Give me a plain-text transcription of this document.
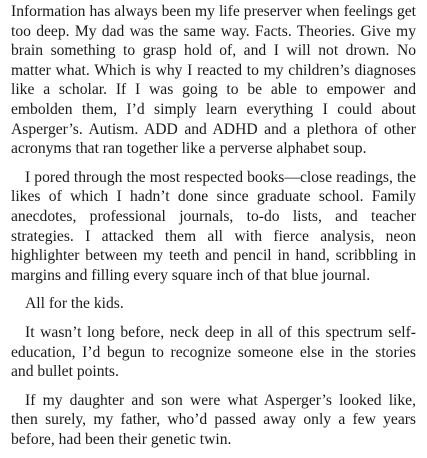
Information has always been my life preserver when feelings get too deep. My dad was the same way. Facts. Theories. Give my brain something to grasp hold of, and I will not drown. No matter what. Which is why I reacted to my children’s diagnoses like a scholar. If I was going to be able to empower and embolden them, I’d simply learn everything I could about Asperger’s. Autism. ADD and ADHD and a plethora of other acronyms that ran together like a perverse alphabet soup.

I pored through the most respected books—close readings, the likes of which I hadn’t done since graduate school. Family anecdotes, professional journals, to-do lists, and teacher strategies. I attacked them all with fierce analysis, neon highlighter between my teeth and pencil in hand, scribbling in margins and filling every square inch of that blue journal.

All for the kids.

It wasn’t long before, neck deep in all of this spectrum self-education, I’d begun to recognize someone else in the stories and bullet points.

If my daughter and son were what Asperger’s looked like, then surely, my father, who’d passed away only a few years before, had been their genetic twin.
